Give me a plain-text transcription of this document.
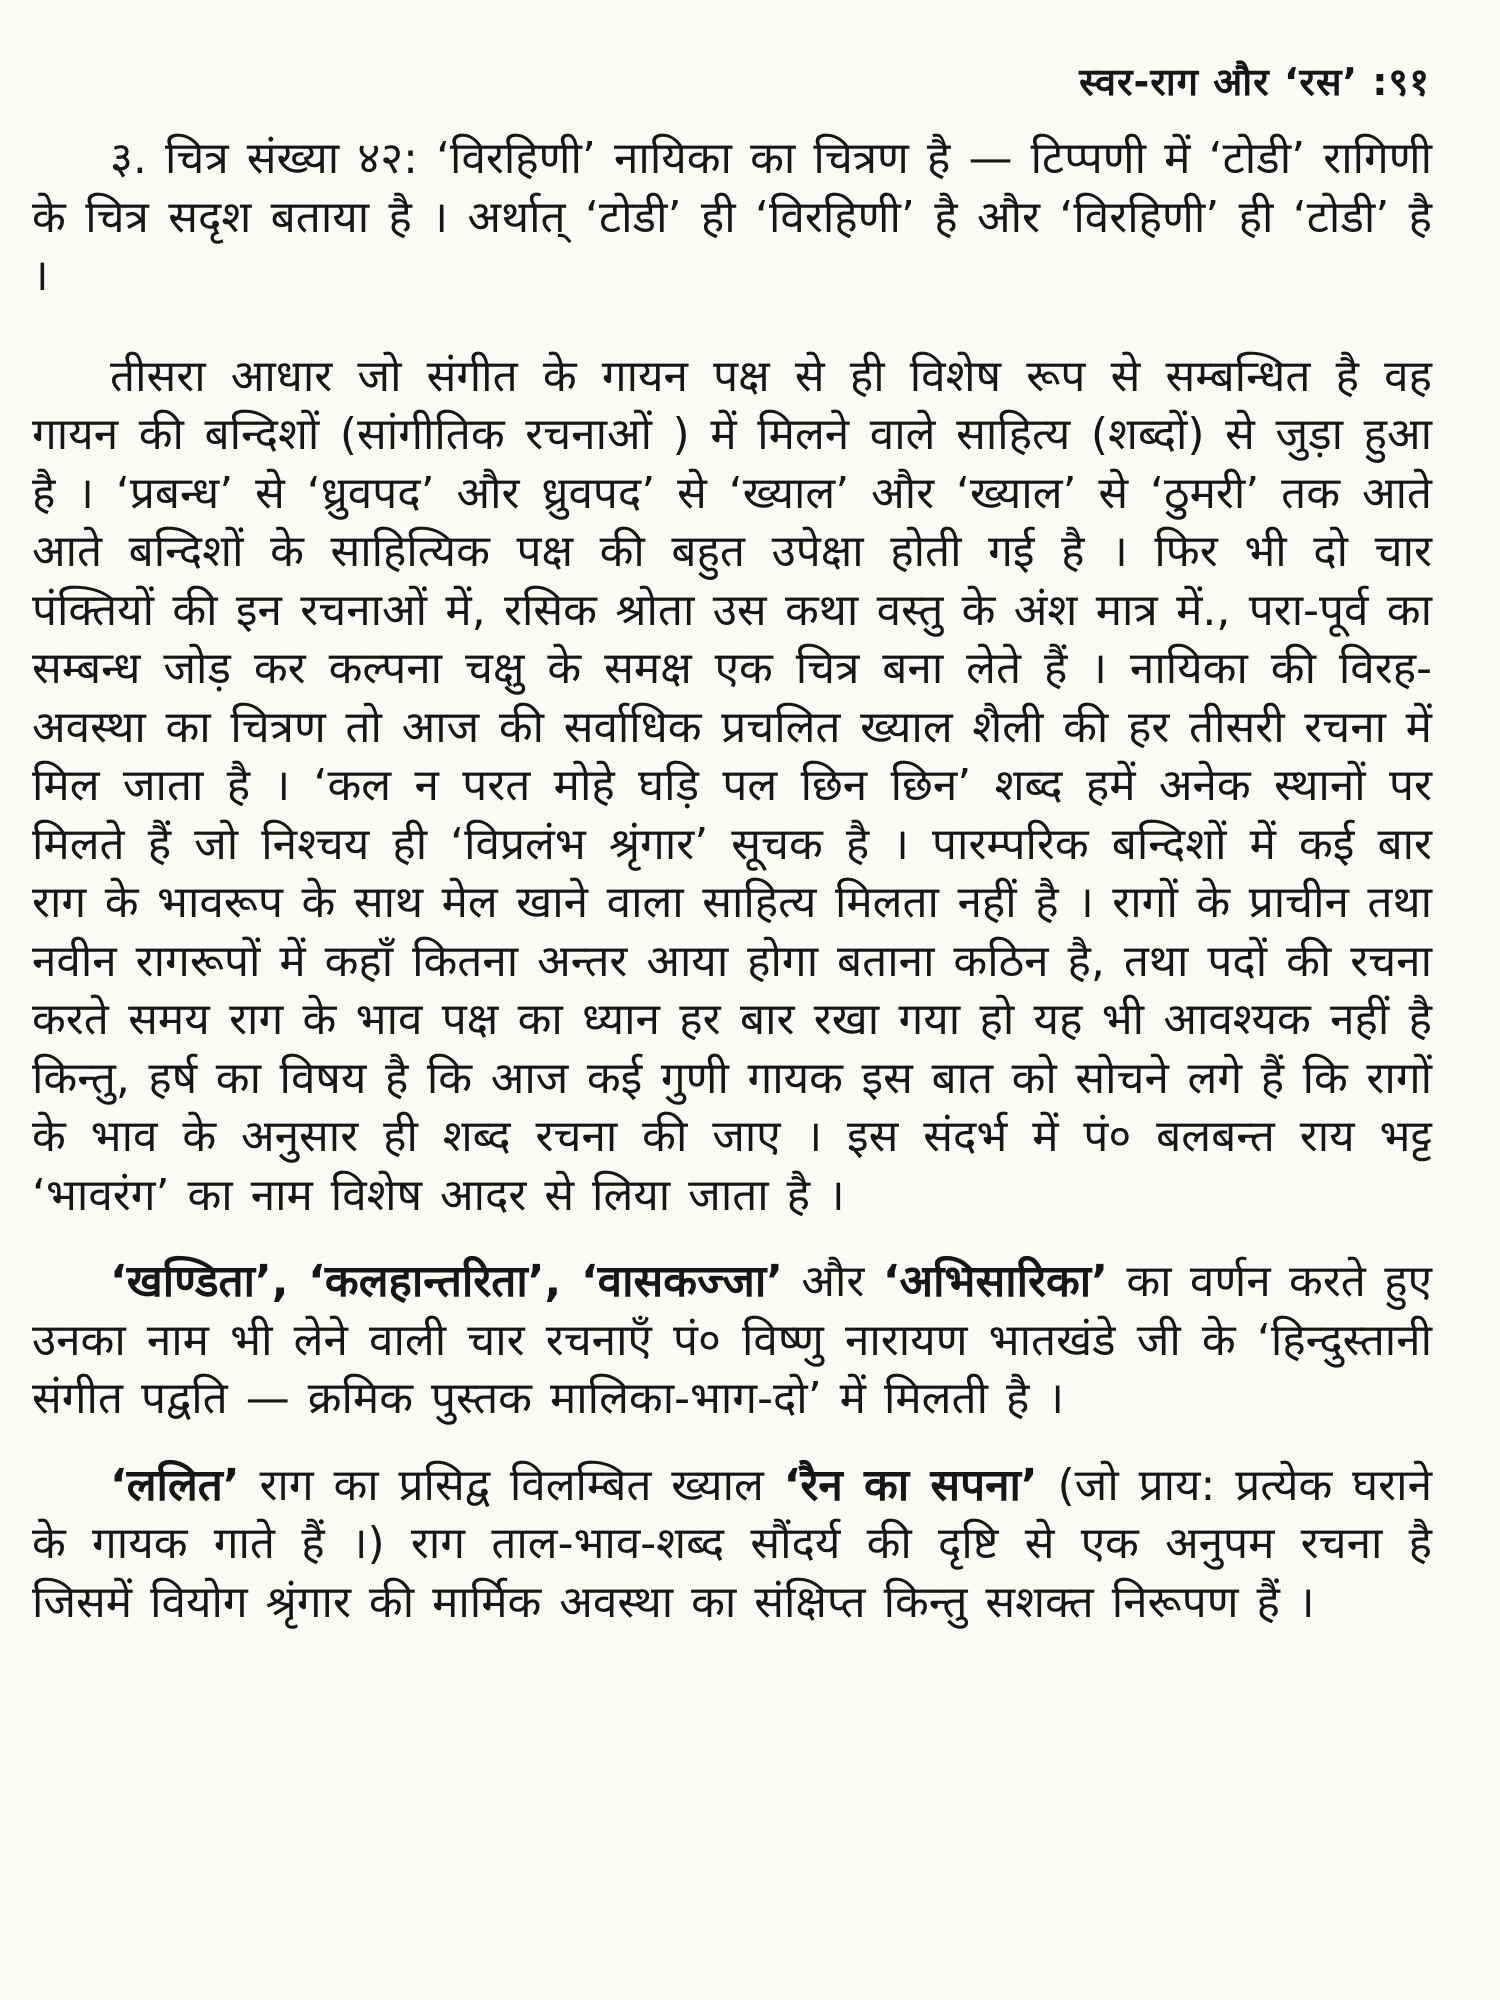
स्वर-राग और ‘रस’ :९१

३. चित्र संख्या ४२: ‘विरहिणी’ नायिका का चित्रण है — टिप्पणी में ‘टोडी’ रागिणी के चित्र सदृश बताया है । अर्थात् ‘टोडी’ ही ‘विरहिणी’ है और ‘विरहिणी’ ही ‘टोडी’ है ।

तीसरा आधार जो संगीत के गायन पक्ष से ही विशेष रूप से सम्बन्धित है वह गायन की बन्दिशों (सांगीतिक रचनाओं ) में मिलने वाले साहित्य (शब्दों) से जुड़ा हुआ है । ‘प्रबन्ध’ से ‘ध्रुवपद’ और ध्रुवपद’ से ‘ख्याल’ और ‘ख्याल’ से ‘ठुमरी’ तक आते आते बन्दिशों के साहित्यिक पक्ष की बहुत उपेक्षा होती गई है । फिर भी दो चार पंक्तियों की इन रचनाओं में, रसिक श्रोता उस कथा वस्तु के अंश मात्र में., परा-पूर्व का सम्बन्ध जोड़ कर कल्पना चक्षु के समक्ष एक चित्र बना लेते हैं । नायिका की विरह-अवस्था का चित्रण तो आज की सर्वाधिक प्रचलित ख्याल शैली की हर तीसरी रचना में मिल जाता है । ‘कल न परत मोहे घड़ि पल छिन छिन’ शब्द हमें अनेक स्थानों पर मिलते हैं जो निश्चय ही ‘विप्रलंभ श्रृंगार’ सूचक है । पारम्परिक बन्दिशों में कई बार राग के भावरूप के साथ मेल खाने वाला साहित्य मिलता नहीं है । रागों के प्राचीन तथा नवीन रागरूपों में कहाँ कितना अन्तर आया होगा बताना कठिन है, तथा पदों की रचना करते समय राग के भाव पक्ष का ध्यान हर बार रखा गया हो यह भी आवश्यक नहीं है किन्तु, हर्ष का विषय है कि आज कई गुणी गायक इस बात को सोचने लगे हैं कि रागों के भाव के अनुसार ही शब्द रचना की जाए । इस संदर्भ में पं० बलबन्त राय भट्ट ‘भावरंग’ का नाम विशेष आदर से लिया जाता है ।

‘खण्डिता’, ‘कलहान्तरिता’, ‘वासकज्जा’ और ‘अभिसारिका’ का वर्णन करते हुए उनका नाम भी लेने वाली चार रचनाएँ पं० विष्णु नारायण भातखंडे जी के ‘हिन्दुस्तानी संगीत पद्वति — क्रमिक पुस्तक मालिका-भाग-दो’ में मिलती है ।

‘ललित’ राग का प्रसिद्व विलम्बित ख्याल ‘रैन का सपना’ (जो प्राय: प्रत्येक घराने के गायक गाते हैं ।) राग ताल-भाव-शब्द सौंदर्य की दृष्टि से एक अनुपम रचना है जिसमें वियोग श्रृंगार की मार्मिक अवस्था का संक्षिप्त किन्तु सशक्त निरूपण हैं ।
